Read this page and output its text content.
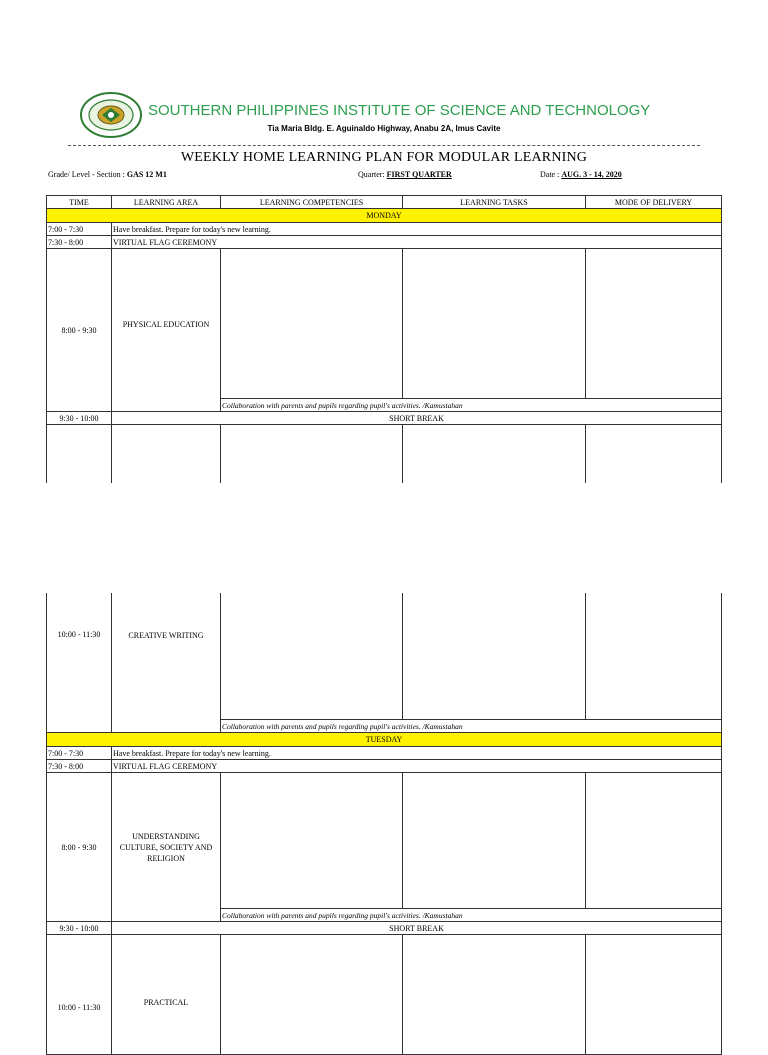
SOUTHERN PHILIPPINES INSTITUTE OF SCIENCE AND TECHNOLOGY
Tia Maria Bldg. E. Aguinaldo Highway, Anabu 2A, Imus Cavite
WEEKLY HOME LEARNING PLAN FOR MODULAR LEARNING
Grade/ Level - Section : GAS 12 M1	Quarter: FIRST QUARTER	Date : AUG. 3 - 14, 2020
TIME	LEARNING AREA	LEARNING COMPETENCIES	LEARNING TASKS	MODE OF DELIVERY
MONDAY				
7:00 - 7:30	Have breakfast. Prepare for today's new learning.			
7:30 - 8:00	VIRTUAL FLAG CEREMONY			
8:00 - 9:30	PHYSICAL EDUCATION			
		Collaboration with parents and pupils regarding pupil's activities. /Kamustahan		
9:30 - 10:00	SHORT BREAK			
10:00 - 11:30	CREATIVE WRITING			
		Collaboration with parents and pupils regarding pupil's activities. /Kamustahan		
TUESDAY				
7:00 - 7:30	Have breakfast. Prepare for today's new learning.			
7:30 - 8:00	VIRTUAL FLAG CEREMONY			
8:00 - 9:30	UNDERSTANDING CULTURE, SOCIETY AND RELIGION			
		Collaboration with parents and pupils regarding pupil's activities. /Kamustahan		
9:30 - 10:00	SHORT BREAK			
10:00 - 11:30	PRACTICAL			
